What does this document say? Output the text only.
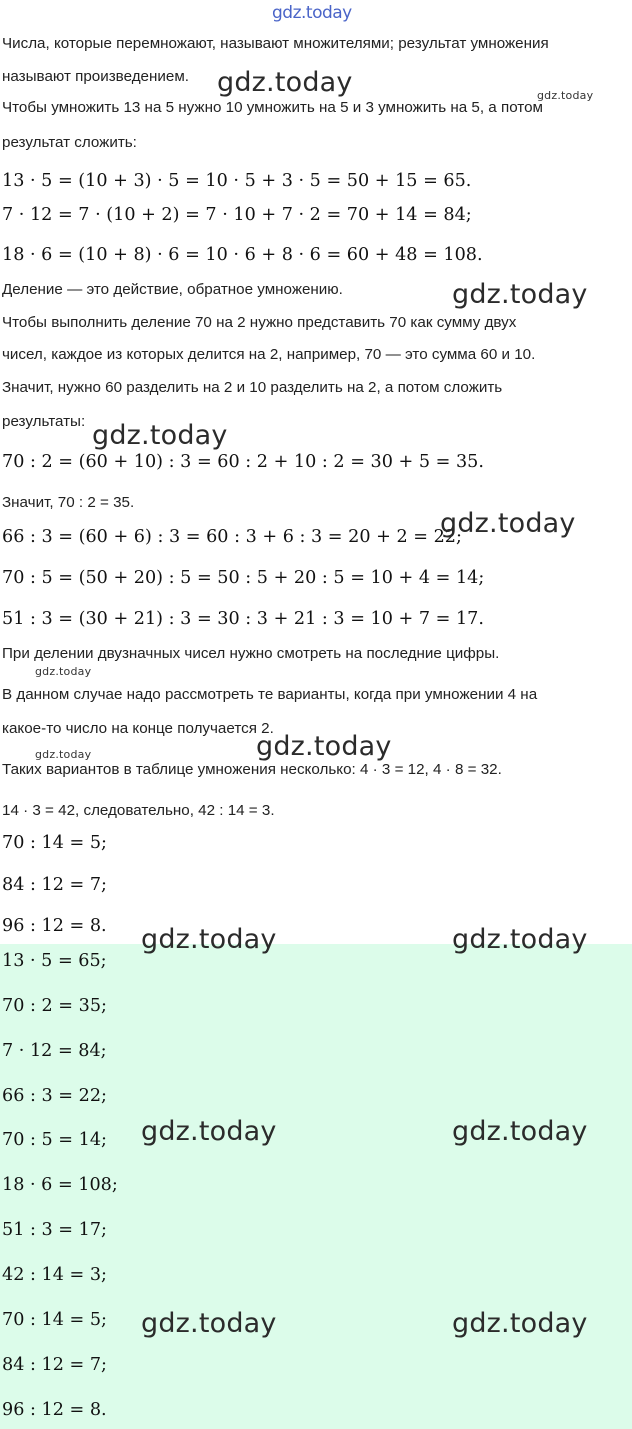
gdz.today
Числа, которые перемножают, называют множителями; результат умножения
называют произведением.
Чтобы умножить 13 на 5 нужно 10 умножить на 5 и 3 умножить на 5, а потом
результат сложить:
13 · 5 = (10 + 3) · 5 = 10 · 5 + 3 · 5 = 50 + 15 = 65.
7 · 12 = 7 · (10 + 2) = 7 · 10 + 7 · 2 = 70 + 14 = 84;
18 · 6 = (10 + 8) · 6 = 10 · 6 + 8 · 6 = 60 + 48 = 108.
Деление — это действие, обратное умножению.
Чтобы выполнить деление 70 на 2 нужно представить 70 как сумму двух
чисел, каждое из которых делится на 2, например, 70 — это сумма 60 и 10.
Значит, нужно 60 разделить на 2 и 10 разделить на 2, а потом сложить
результаты:
70 : 2 = (60 + 10) : 3 = 60 : 2 + 10 : 2 = 30 + 5 = 35.
Значит, 70 : 2 = 35.
66 : 3 = (60 + 6) : 3 = 60 : 3 + 6 : 3 = 20 + 2 = 22;
70 : 5 = (50 + 20) : 5 = 50 : 5 + 20 : 5 = 10 + 4 = 14;
51 : 3 = (30 + 21) : 3 = 30 : 3 + 21 : 3 = 10 + 7 = 17.
При делении двузначных чисел нужно смотреть на последние цифры.
В данном случае надо рассмотреть те варианты, когда при умножении 4 на
какое-то число на конце получается 2.
Таких вариантов в таблице умножения несколько: 4 · 3 = 12, 4 · 8 = 32.
14 · 3 = 42, следовательно, 42 : 14 = 3.
70 : 14 = 5;
84 : 12 = 7;
96 : 12 = 8.
13 · 5 = 65;
70 : 2 = 35;
7 · 12 = 84;
66 : 3 = 22;
70 : 5 = 14;
18 · 6 = 108;
51 : 3 = 17;
42 : 14 = 3;
70 : 14 = 5;
84 : 12 = 7;
96 : 12 = 8.
gdz.today	gdz.today
gdz.today
gdz.today
gdz.today
gdz.today
gdz.today
gdz.today
gdz.today	gdz.today
gdz.today	gdz.today
gdz.today	gdz.today
